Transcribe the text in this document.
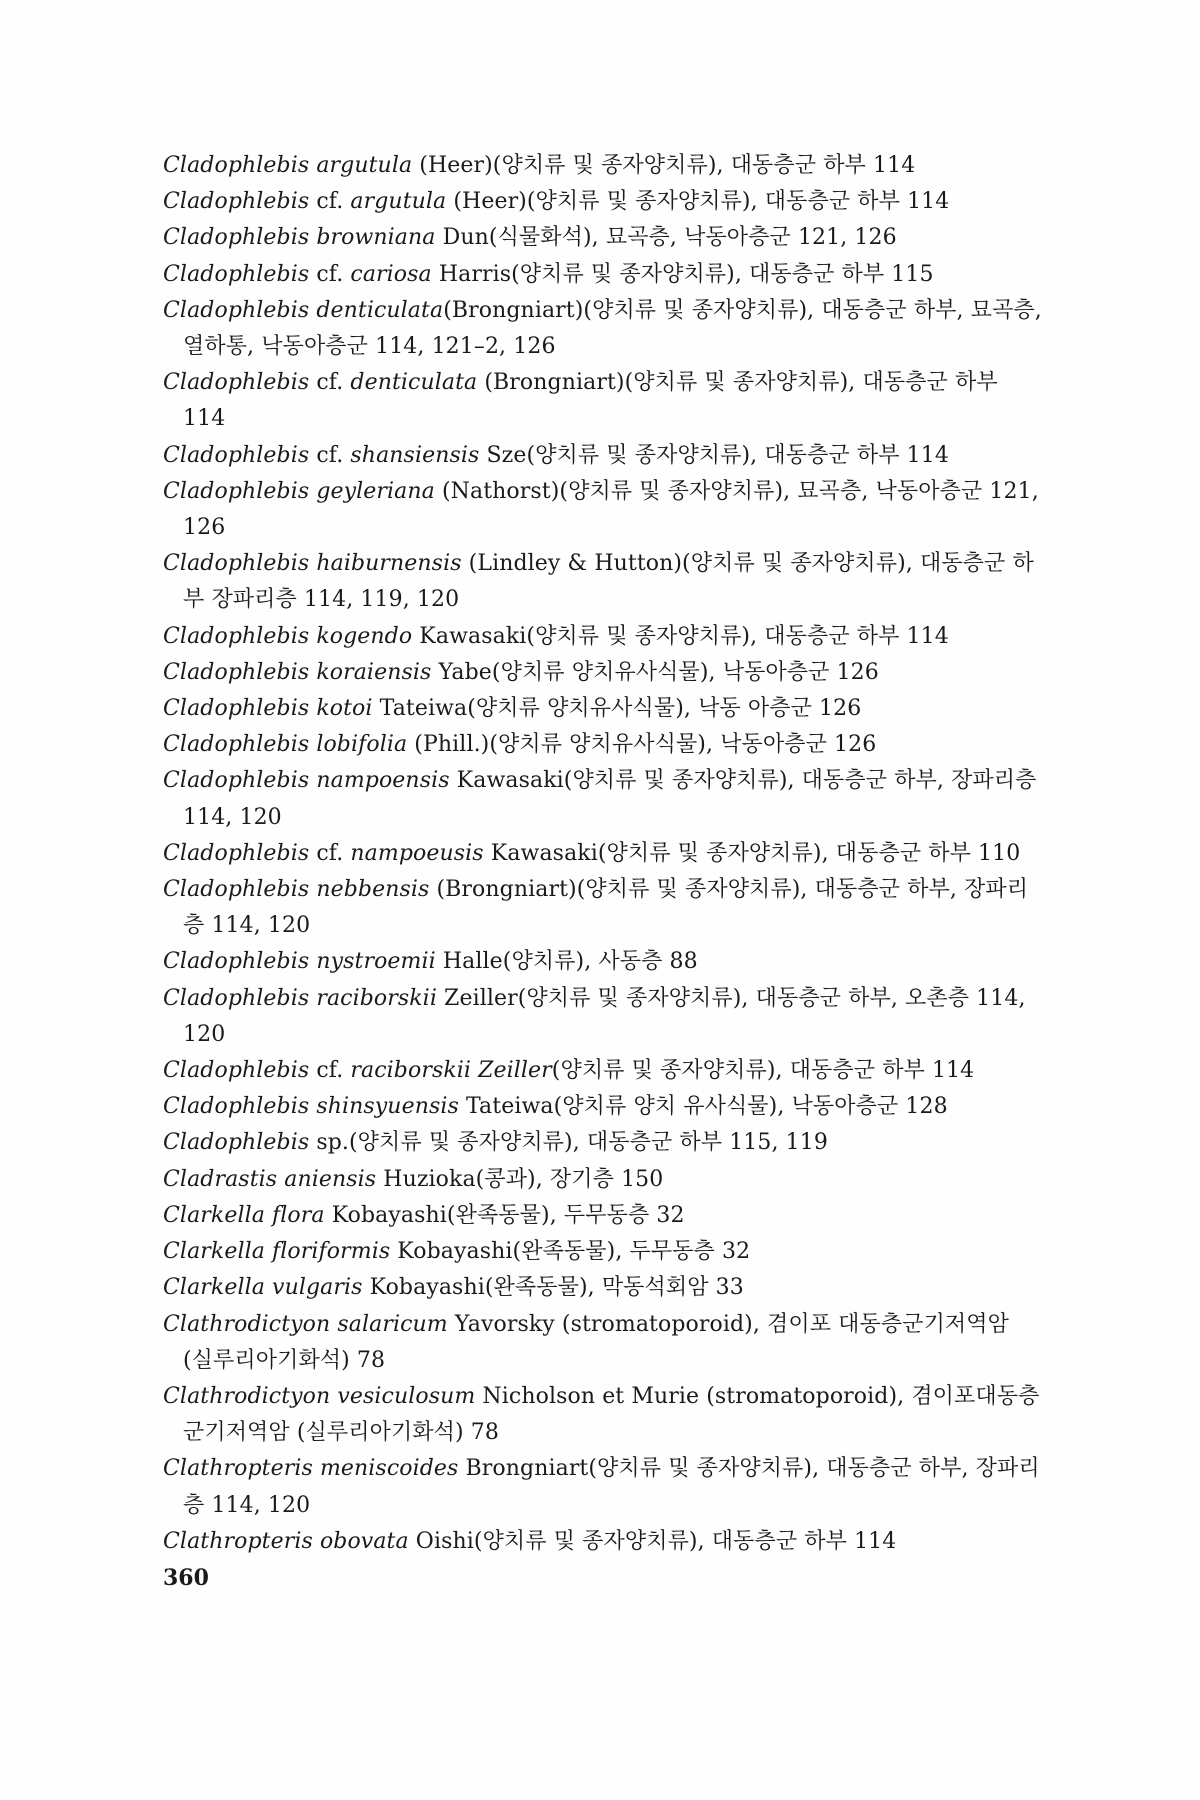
Cladophlebis argutula (Heer)(양치류 및 종자양치류), 대동층군 하부 114
Cladophlebis cf. argutula (Heer)(양치류 및 종자양치류), 대동층군 하부 114
Cladophlebis browniana Dun(식물화석), 묘곡층, 낙동아층군 121, 126
Cladophlebis cf. cariosa Harris(양치류 및 종자양치류), 대동층군 하부 115
Cladophlebis denticulata(Brongniart)(양치류 및 종자양치류), 대동층군 하부, 묘곡층, 열하통, 낙동아층군 114, 121–2, 126
Cladophlebis cf. denticulata (Brongniart)(양치류 및 종자양치류), 대동층군 하부 114
Cladophlebis cf. shansiensis Sze(양치류 및 종자양치류), 대동층군 하부 114
Cladophlebis geyleriana (Nathorst)(양치류 및 종자양치류), 묘곡층, 낙동아층군 121, 126
Cladophlebis haiburnensis (Lindley & Hutton)(양치류 및 종자양치류), 대동층군 하부 장파리층 114, 119, 120
Cladophlebis kogendo Kawasaki(양치류 및 종자양치류), 대동층군 하부 114
Cladophlebis koraiensis Yabe(양치류 양치유사식물), 낙동아층군 126
Cladophlebis kotoi Tateiwa(양치류 양치유사식물), 낙동 아층군 126
Cladophlebis lobifolia (Phill.)(양치류 양치유사식물), 낙동아층군 126
Cladophlebis nampoensis Kawasaki(양치류 및 종자양치류), 대동층군 하부, 장파리층 114, 120
Cladophlebis cf. nampoeusis Kawasaki(양치류 및 종자양치류), 대동층군 하부 110
Cladophlebis nebbensis (Brongniart)(양치류 및 종자양치류), 대동층군 하부, 장파리층 114, 120
Cladophlebis nystroemii Halle(양치류), 사동층 88
Cladophlebis raciborskii Zeiller(양치류 및 종자양치류), 대동층군 하부, 오촌층 114, 120
Cladophlebis cf. raciborskii Zeiller(양치류 및 종자양치류), 대동층군 하부 114
Cladophlebis shinsyuensis Tateiwa(양치류 양치 유사식물), 낙동아층군 128
Cladophlebis sp.(양치류 및 종자양치류), 대동층군 하부 115, 119
Cladrastis aniensis Huzioka(콩과), 장기층 150
Clarkella flora Kobayashi(완족동물), 두무동층 32
Clarkella floriformis Kobayashi(완족동물), 두무동층 32
Clarkella vulgaris Kobayashi(완족동물), 막동석회암 33
Clathrodictyon salaricum Yavorsky (stromatoporoid), 겸이포 대동층군기저역암 (실루리아기화석) 78
Clathrodictyon vesiculosum Nicholson et Murie (stromatoporoid), 겸이포대동층군기저역암 (실루리아기화석) 78
Clathropteris meniscoides Brongniart(양치류 및 종자양치류), 대동층군 하부, 장파리층 114, 120
Clathropteris obovata Oishi(양치류 및 종자양치류), 대동층군 하부 114
360
